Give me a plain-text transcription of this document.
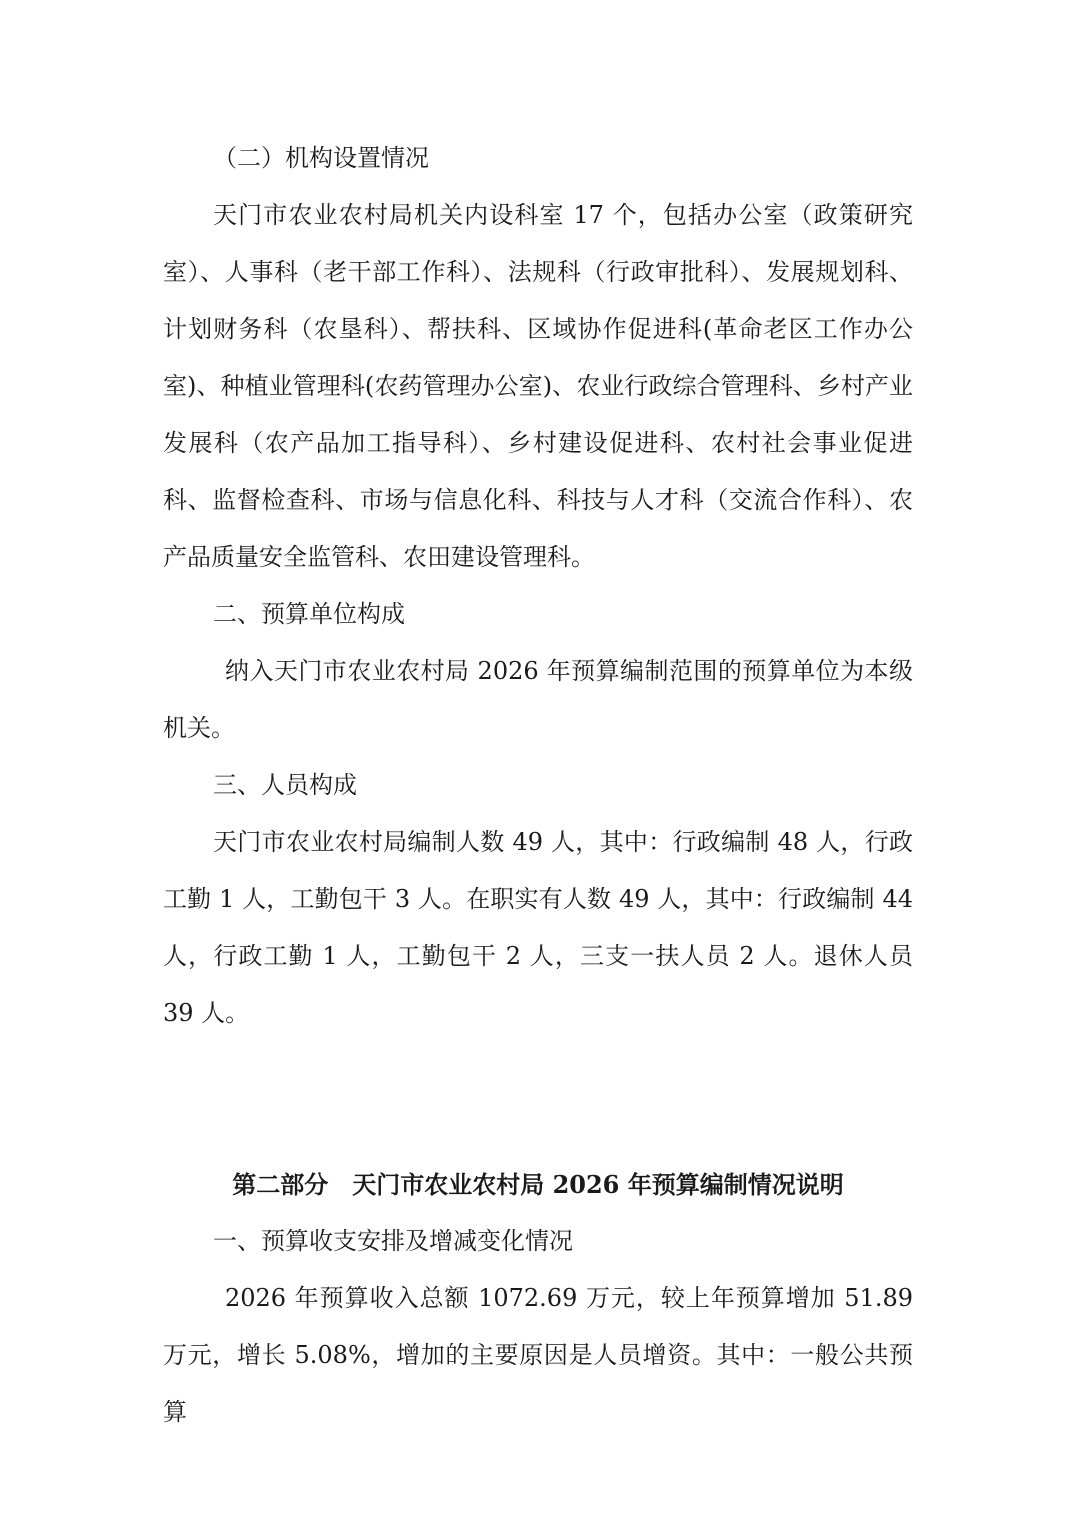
（二）机构设置情况

天门市农业农村局机关内设科室 17 个，包括办公室（政策研究室）、人事科（老干部工作科）、法规科（行政审批科）、发展规划科、计划财务科（农垦科）、帮扶科、区域协作促进科(革命老区工作办公室)、种植业管理科(农药管理办公室)、农业行政综合管理科、乡村产业发展科（农产品加工指导科）、乡村建设促进科、农村社会事业促进科、监督检查科、市场与信息化科、科技与人才科（交流合作科）、农产品质量安全监管科、农田建设管理科。

二、预算单位构成

纳入天门市农业农村局 2026 年预算编制范围的预算单位为本级机关。

三、人员构成

天门市农业农村局编制人数 49 人，其中：行政编制 48 人，行政工勤 1 人，工勤包干 3 人。在职实有人数 49 人，其中：行政编制 44 人，行政工勤 1 人，工勤包干 2 人，三支一扶人员 2 人。退休人员 39 人。

第二部分　天门市农业农村局 2026 年预算编制情况说明

一、预算收支安排及增减变化情况

2026 年预算收入总额 1072.69 万元，较上年预算增加 51.89 万元，增长 5.08%，增加的主要原因是人员增资。其中：一般公共预算
